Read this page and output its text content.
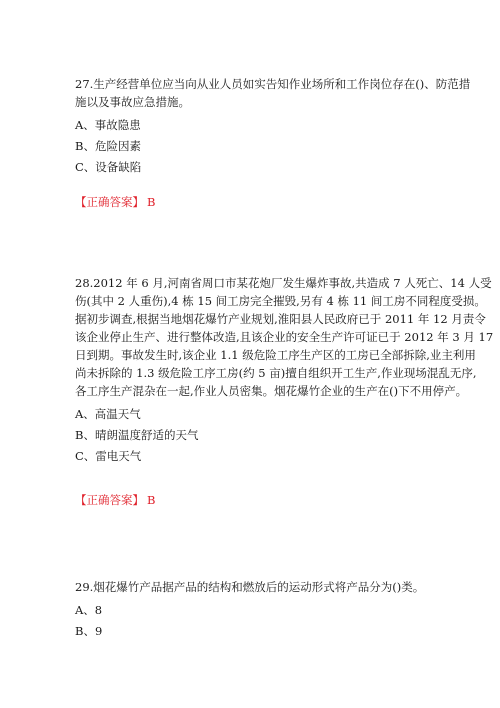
27.生产经营单位应当向从业人员如实告知作业场所和工作岗位存在()、防范措
施以及事故应急措施。
A、事故隐患
B、危险因素
C、设备缺陷
【正确答案】 B
28.2012 年 6 月,河南省周口市某花炮厂发生爆炸事故,共造成 7 人死亡、14 人受
伤(其中 2 人重伤),4 栋 15 间工房完全摧毁,另有 4 栋 11 间工房不同程度受损。
据初步调查,根据当地烟花爆竹产业规划,淮阳县人民政府已于 2011 年 12 月责令
该企业停止生产、进行整体改造,且该企业的安全生产许可证已于 2012 年 3 月 17
日到期。事故发生时,该企业 1.1 级危险工序生产区的工房已全部拆除,业主利用
尚未拆除的 1.3 级危险工序工房(约 5 亩)擅自组织开工生产,作业现场混乱无序,
各工序生产混杂在一起,作业人员密集。烟花爆竹企业的生产在()下不用停产。
A、高温天气
B、晴朗温度舒适的天气
C、雷电天气
【正确答案】 B
29.烟花爆竹产品据产品的结构和燃放后的运动形式将产品分为()类。
A、8
B、9
